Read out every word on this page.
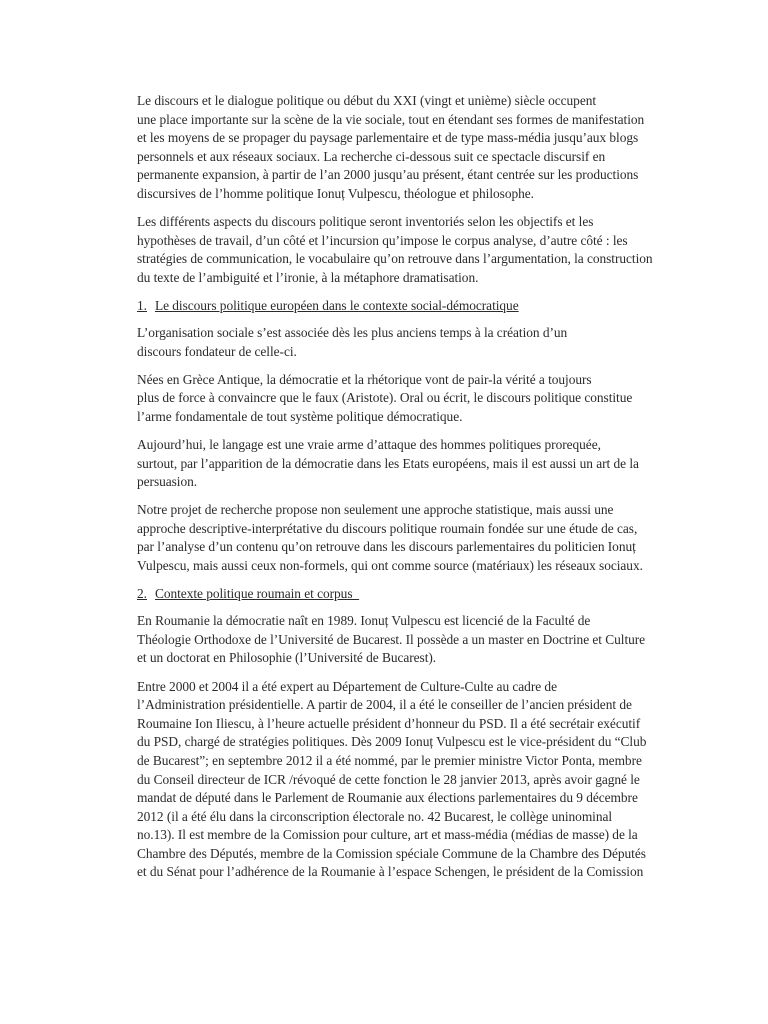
Le discours et le dialogue politique ou début du XXI (vingt et unième) siècle occupent
une place importante sur la scène de la vie sociale, tout en étendant ses formes de manifestation
et les moyens de se propager du paysage parlementaire et de type mass-média jusqu’aux blogs
personnels et aux réseaux sociaux. La recherche ci-dessous suit ce spectacle discursif en
permanente expansion, à partir de l’an 2000 jusqu’au présent, étant centrée sur les productions
discursives de l’homme politique Ionuț Vulpescu, théologue et philosophe.

Les différents aspects du discours politique seront inventoriés selon les objectifs et les
hypothèses de travail, d’un côté et l’incursion qu’impose le corpus analyse, d’autre côté : les
stratégies de communication, le vocabulaire qu’on retrouve dans l’argumentation, la construction
du texte de l’ambiguité et l’ironie, à la métaphore dramatisation.

1. Le discours politique européen dans le contexte social-démocratique

L’organisation sociale s’est associée dès les plus anciens temps à la création d’un
discours fondateur de celle-ci.

Nées en Grèce Antique, la démocratie et la rhétorique vont de pair-la vérité a toujours
plus de force à convaincre que le faux (Aristote). Oral ou écrit, le discours politique constitue
l’arme fondamentale de tout système politique démocratique.

Aujourd’hui, le langage est une vraie arme d’attaque des hommes politiques prorequée,
surtout, par l’apparition de la démocratie dans les Etats européens, mais il est aussi un art de la
persuasion.

Notre projet de recherche propose non seulement une approche statistique, mais aussi une
approche descriptive-interprétative du discours politique roumain fondée sur une étude de cas,
par l’analyse d’un contenu qu’on retrouve dans les discours parlementaires du politicien Ionuț
Vulpescu, mais aussi ceux non-formels, qui ont comme source (matériaux) les réseaux sociaux.

2. Contexte politique roumain et corpus

En Roumanie la démocratie naît en 1989. Ionuț Vulpescu est licencié de la Faculté de
Théologie Orthodoxe de l’Université de Bucarest. Il possède a un master en Doctrine et Culture
et un doctorat en Philosophie (l’Université de Bucarest).

Entre 2000 et 2004 il a été expert au Département de Culture-Culte au cadre de
l’Administration présidentielle. A partir de 2004, il a été le conseiller de l’ancien président de
Roumaine Ion Iliescu, à l’heure actuelle président d’honneur du PSD. Il a été secrétair exécutif
du PSD, chargé de stratégies politiques. Dès 2009 Ionuț Vulpescu est le vice-président du “Club
de Bucarest”; en septembre 2012 il a été nommé, par le premier ministre Victor Ponta, membre
du Conseil directeur de ICR /révoqué de cette fonction le 28 janvier 2013, après avoir gagné le
mandat de député dans le Parlement de Roumanie aux élections parlementaires du 9 décembre
2012 (il a été élu dans la circonscription électorale no. 42 Bucarest, le collège uninominal
no.13). Il est membre de la Comission pour culture, art et mass-média (médias de masse) de la
Chambre des Députés, membre de la Comission spéciale Commune de la Chambre des Députés
et du Sénat pour l’adhérence de la Roumanie à l’espace Schengen, le président de la Comission
